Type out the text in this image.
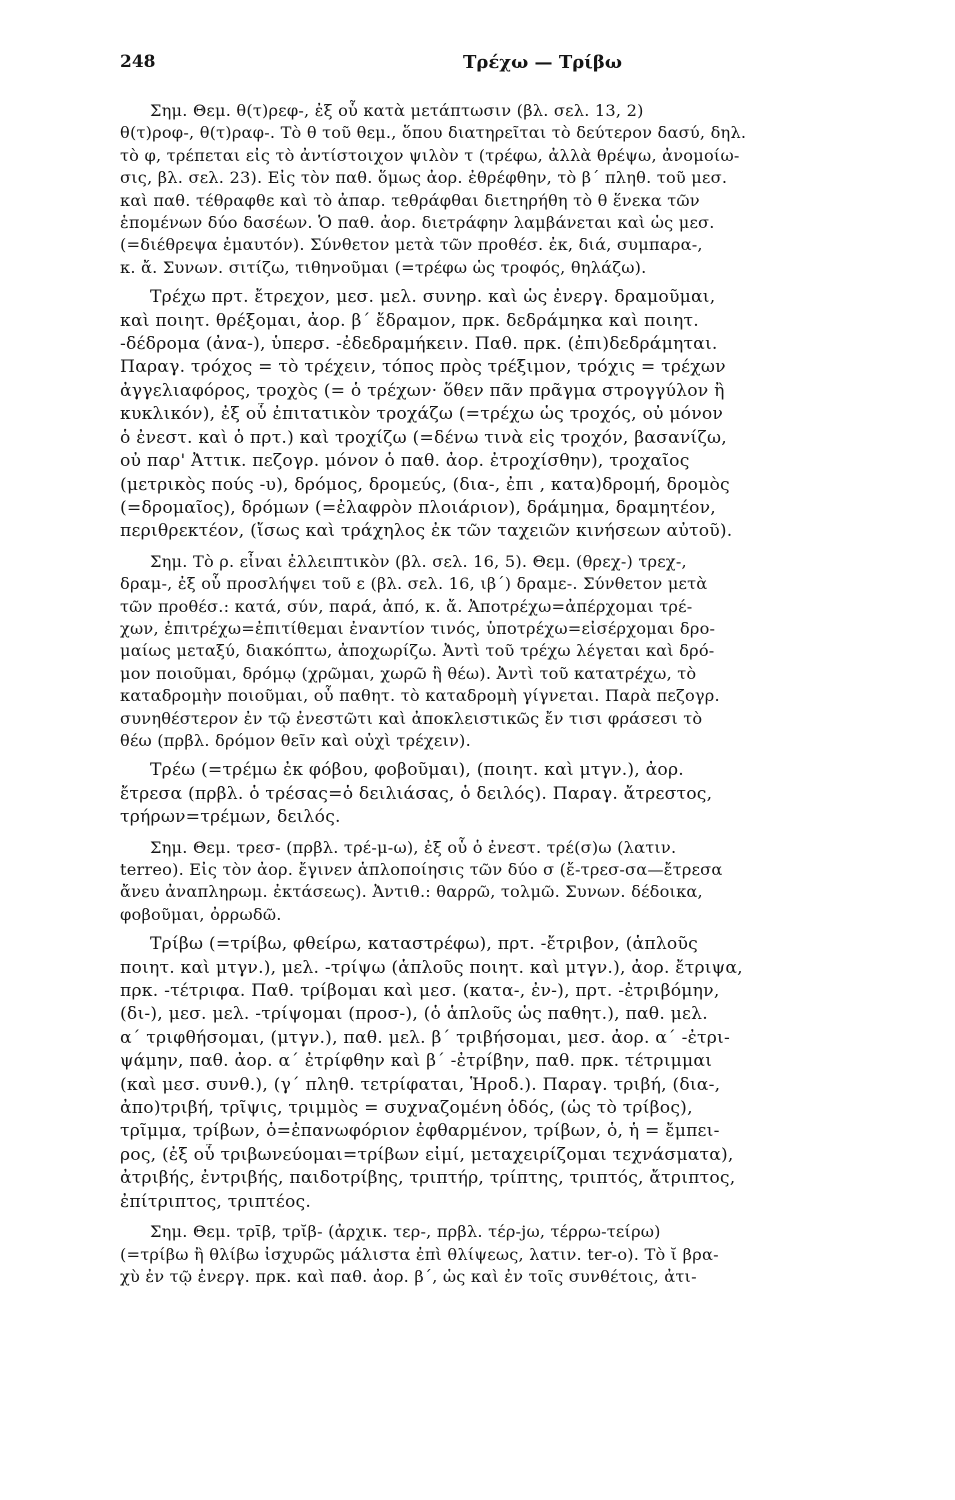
248	Τρέχω — Τρίβω
Σημ. Θεμ. θ(τ)ρεφ-, ἐξ οὗ κατὰ μετάπτωσιν (βλ. σελ. 13, 2)
θ(τ)ροφ-, θ(τ)ραφ-. Τὸ θ τοῦ θεμ., ὅπου διατηρεῖται τὸ δεύτερον δασύ, δηλ.
τὸ φ, τρέπεται εἰς τὸ ἀντίστοιχον ψιλὸν τ (τρέφω, ἀλλὰ θρέψω, ἀνομοίω-
σις, βλ. σελ. 23). Εἰς τὸν παθ. ὅμως ἀορ. ἐθρέφθην, τὸ β΄ πληθ. τοῦ μεσ.
καὶ παθ. τέθραφθε καὶ τὸ ἀπαρ. τεθράφθαι διετηρήθη τὸ θ ἕνεκα τῶν
ἑπομένων δύο δασέων. Ὁ παθ. ἀορ. διετράφην λαμβάνεται καὶ ὡς μεσ.
(=διέθρεψα ἐμαυτόν). Σύνθετον μετὰ τῶν προθέσ. ἐκ, διά, συμπαρα-,
κ. ἄ. Συνων. σιτίζω, τιθηνοῦμαι (=τρέφω ὡς τροφός, θηλάζω).
Τρέχω πρτ. ἔτρεχον, μεσ. μελ. συνηρ. καὶ ὡς ἐνεργ. δραμοῦμαι,
καὶ ποιητ. θρέξομαι, ἀορ. β΄ ἔδραμον, πρκ. δεδράμηκα καὶ ποιητ.
-δέδρομα (ἀνα-), ὑπερσ. -ἐδεδραμήκειν. Παθ. πρκ. (ἐπι)δεδράμηται.
Παραγ. τρόχος = τὸ τρέχειν, τόπος πρὸς τρέξιμον, τρόχις = τρέχων
ἀγγελιαφόρος, τροχὸς (= ὁ τρέχων· ὅθεν πᾶν πρᾶγμα στρογγύλον ἢ
κυκλικόν), ἐξ οὗ ἐπιτατικὸν τροχάζω (=τρέχω ὡς τροχός, οὐ μόνον
ὁ ἐνεστ. καὶ ὁ πρτ.) καὶ τροχίζω (=δένω τινὰ εἰς τροχόν, βασανίζω,
οὐ παρ' Ἀττικ. πεζογρ. μόνον ὁ παθ. ἀορ. ἐτροχίσθην), τροχαῖος
(μετρικὸς πούς -υ), δρόμος, δρομεύς, (δια-, ἐπι , κατα)δρομή, δρομὸς
(=δρομαῖος), δρόμων (=ἐλαφρὸν πλοιάριον), δράμημα, δραμητέον,
περιθρεκτέον, (ἴσως καὶ τράχηλος ἐκ τῶν ταχειῶν κινήσεων αὐτοῦ).
Σημ. Τὸ ρ. εἶναι ἐλλειπτικὸν (βλ. σελ. 16, 5). Θεμ. (θρεχ-) τρεχ-,
δραμ-, ἐξ οὗ προσλήψει τοῦ ε (βλ. σελ. 16, ιβ΄) δραμε-. Σύνθετον μετὰ
τῶν προθέσ.: κατά, σύν, παρά, ἀπό, κ. ἄ. Ἀποτρέχω=ἀπέρχομαι τρέ-
χων, ἐπιτρέχω=ἐπιτίθεμαι ἐναντίον τινός, ὑποτρέχω=εἰσέρχομαι δρο-
μαίως μεταξύ, διακόπτω, ἀποχωρίζω. Ἀντὶ τοῦ τρέχω λέγεται καὶ δρό-
μον ποιοῦμαι, δρόμῳ (χρῶμαι, χωρῶ ἢ θέω). Ἀντὶ τοῦ κατατρέχω, τὸ
καταδρομὴν ποιοῦμαι, οὗ παθητ. τὸ καταδρομὴ γίγνεται. Παρὰ πεζογρ.
συνηθέστερον ἐν τῷ ἐνεστῶτι καὶ ἀποκλειστικῶς ἔν τισι φράσεσι τὸ
θέω (πρβλ. δρόμον θεῖν καὶ οὐχὶ τρέχειν).
Τρέω (=τρέμω ἐκ φόβου, φοβοῦμαι), (ποιητ. καὶ μτγν.), ἀορ.
ἔτρεσα (πρβλ. ὁ τρέσας=ὁ δειλιάσας, ὁ δειλός). Παραγ. ἄτρεστος,
τρήρων=τρέμων, δειλός.
Σημ. Θεμ. τρεσ- (πρβλ. τρέ-μ-ω), ἐξ οὗ ὁ ἐνεστ. τρέ(σ)ω (λατιν.
terreo). Εἰς τὸν ἀορ. ἔγινεν ἁπλοποίησις τῶν δύο σ (ἔ-τρεσ-σα—ἔτρεσα
ἄνευ ἀναπληρωμ. ἐκτάσεως). Ἀντιθ.: θαρρῶ, τολμῶ. Συνων. δέδοικα,
φοβοῦμαι, ὀρρωδῶ.
Τρίβω (=τρίβω, φθείρω, καταστρέφω), πρτ. -ἔτριβον, (ἁπλοῦς
ποιητ. καὶ μτγν.), μελ. -τρίψω (ἁπλοῦς ποιητ. καὶ μτγν.), ἀορ. ἔτριψα,
πρκ. -τέτριφα. Παθ. τρίβομαι καὶ μεσ. (κατα-, ἐν-), πρτ. -ἐτριβόμην,
(δι-), μεσ. μελ. -τρίψομαι (προσ-), (ὁ ἁπλοῦς ὡς παθητ.), παθ. μελ.
α΄ τριφθήσομαι, (μτγν.), παθ. μελ. β΄ τριβήσομαι, μεσ. ἀορ. α΄ -ἐτρι-
ψάμην, παθ. ἀορ. α΄ ἐτρίφθην καὶ β΄ -ἐτρίβην, παθ. πρκ. τέτριμμαι
(καὶ μεσ. συνθ.), (γ΄ πληθ. τετρίφαται, Ἡροδ.). Παραγ. τριβή, (δια-,
ἀπο)τριβή, τρῖψις, τριμμὸς = συχναζομένη ὁδός, (ὡς τὸ τρίβος),
τρῖμμα, τρίβων, ὁ=ἐπανωφόριον ἐφθαρμένον, τρίβων, ὁ, ἡ = ἔμπει-
ρος, (ἐξ οὗ τριβωνεύομαι=τρίβων εἰμί, μεταχειρίζομαι τεχνάσματα),
ἀτριβής, ἐντριβής, παιδοτρίβης, τριπτήρ, τρίπτης, τριπτός, ἄτριπτος,
ἐπίτριπτος, τριπτέος.
Σημ. Θεμ. τρῑβ, τρῐβ- (ἀρχικ. τερ-, πρβλ. τέρ-jω, τέρρω-τείρω)
(=τρίβω ἢ θλίβω ἰσχυρῶς μάλιστα ἐπὶ θλίψεως, λατιν. ter-o). Τὸ ῐ βρα-
χὺ ἐν τῷ ἐνεργ. πρκ. καὶ παθ. ἀορ. β΄, ὡς καὶ ἐν τοῖς συνθέτοις, ἀτι-
